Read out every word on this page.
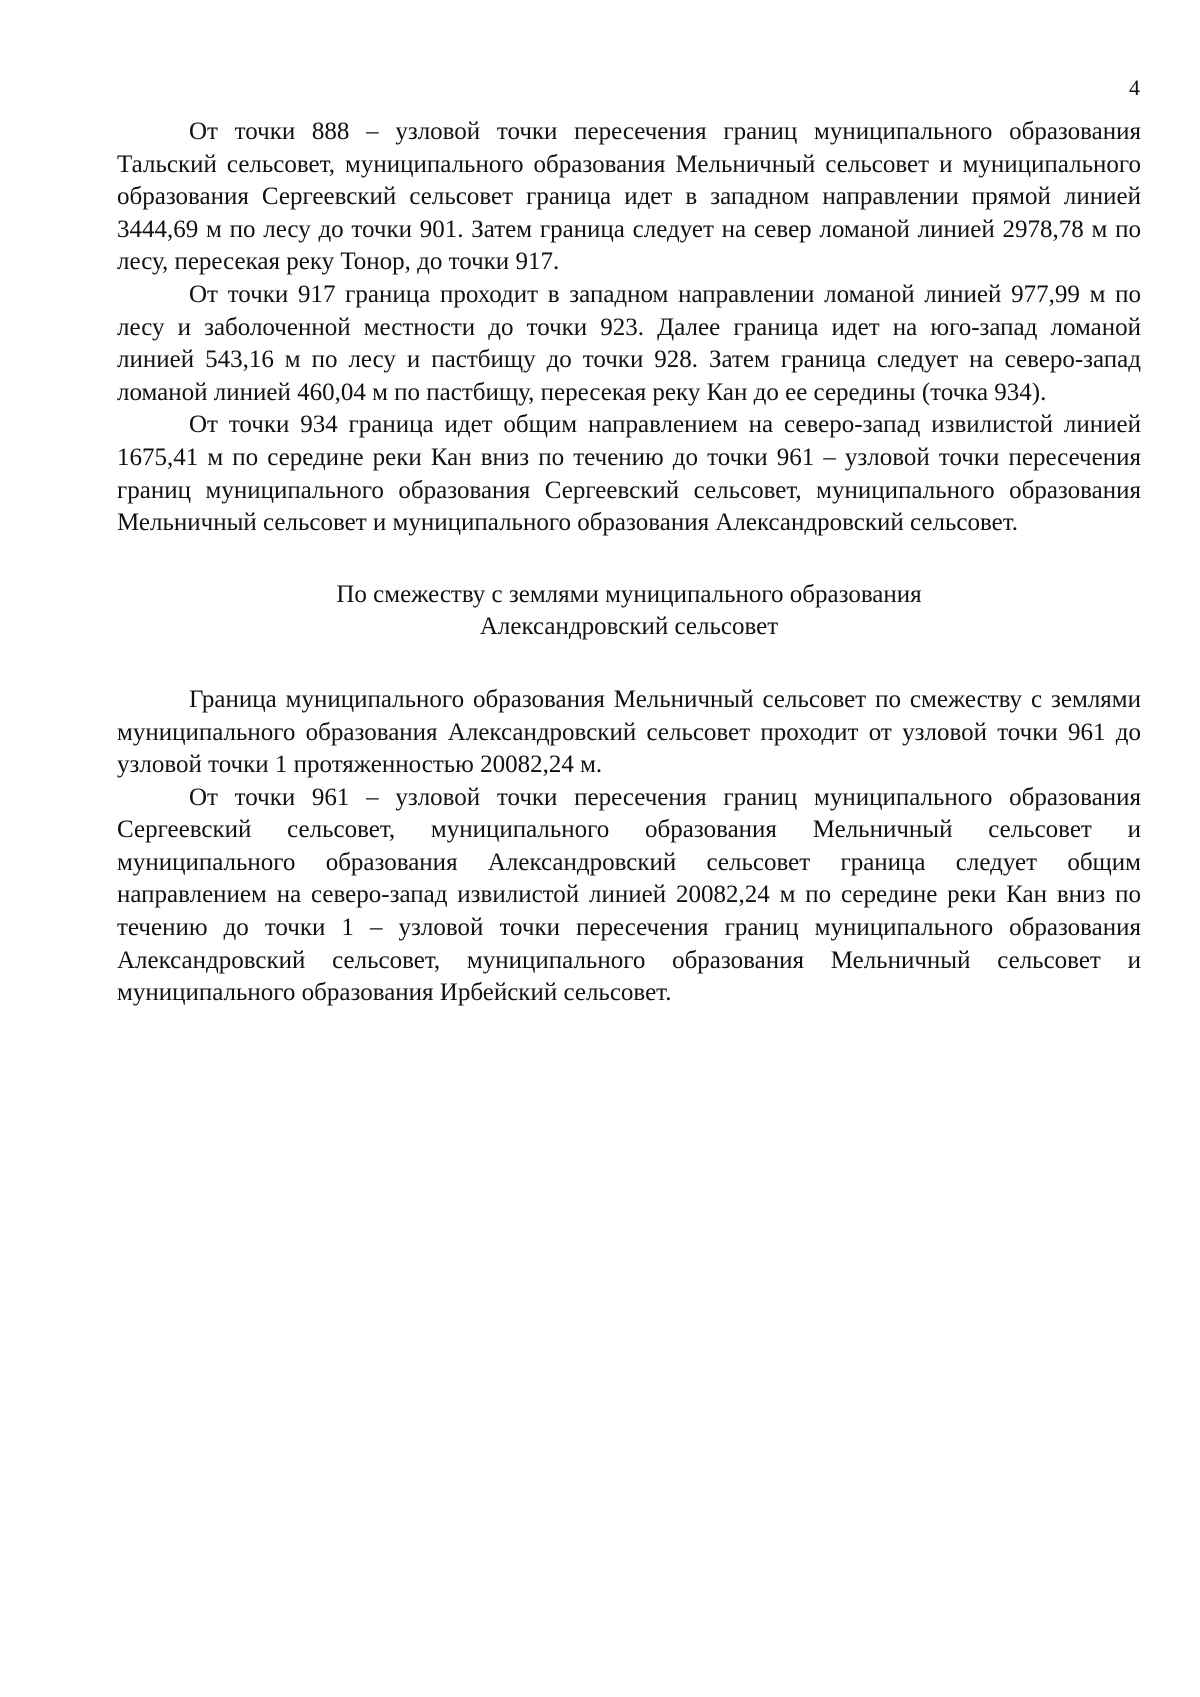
4

От точки 888 – узловой точки пересечения границ муниципального образования Тальский сельсовет, муниципального образования Мельничный сельсовет и муниципального образования Сергеевский сельсовет граница идет в западном направлении прямой линией 3444,69 м по лесу до точки 901. Затем граница следует на север ломаной линией 2978,78 м по лесу, пересекая реку Тонор, до точки 917.

От точки 917 граница проходит в западном направлении ломаной линией 977,99 м по лесу и заболоченной местности до точки 923. Далее граница идет на юго-запад ломаной линией 543,16 м по лесу и пастбищу до точки 928. Затем граница следует на северо-запад ломаной линией 460,04 м по пастбищу, пересекая реку Кан до ее середины (точка 934).

От точки 934 граница идет общим направлением на северо-запад извилистой линией 1675,41 м по середине реки Кан вниз по течению до точки 961 – узловой точки пересечения границ муниципального образования Сергеевский сельсовет, муниципального образования Мельничный сельсовет и муниципального образования Александровский сельсовет.

По смежеству с землями муниципального образования
Александровский сельсовет

Граница муниципального образования Мельничный сельсовет по смежеству с землями муниципального образования Александровский сельсовет проходит от узловой точки 961 до узловой точки 1 протяженностью 20082,24 м.

От точки 961 – узловой точки пересечения границ муниципального образования Сергеевский сельсовет, муниципального образования Мельничный сельсовет и муниципального образования Александровский сельсовет граница следует общим направлением на северо-запад извилистой линией 20082,24 м по середине реки Кан вниз по течению до точки 1 – узловой точки пересечения границ муниципального образования Александровский сельсовет, муниципального образования Мельничный сельсовет и муниципального образования Ирбейский сельсовет.
